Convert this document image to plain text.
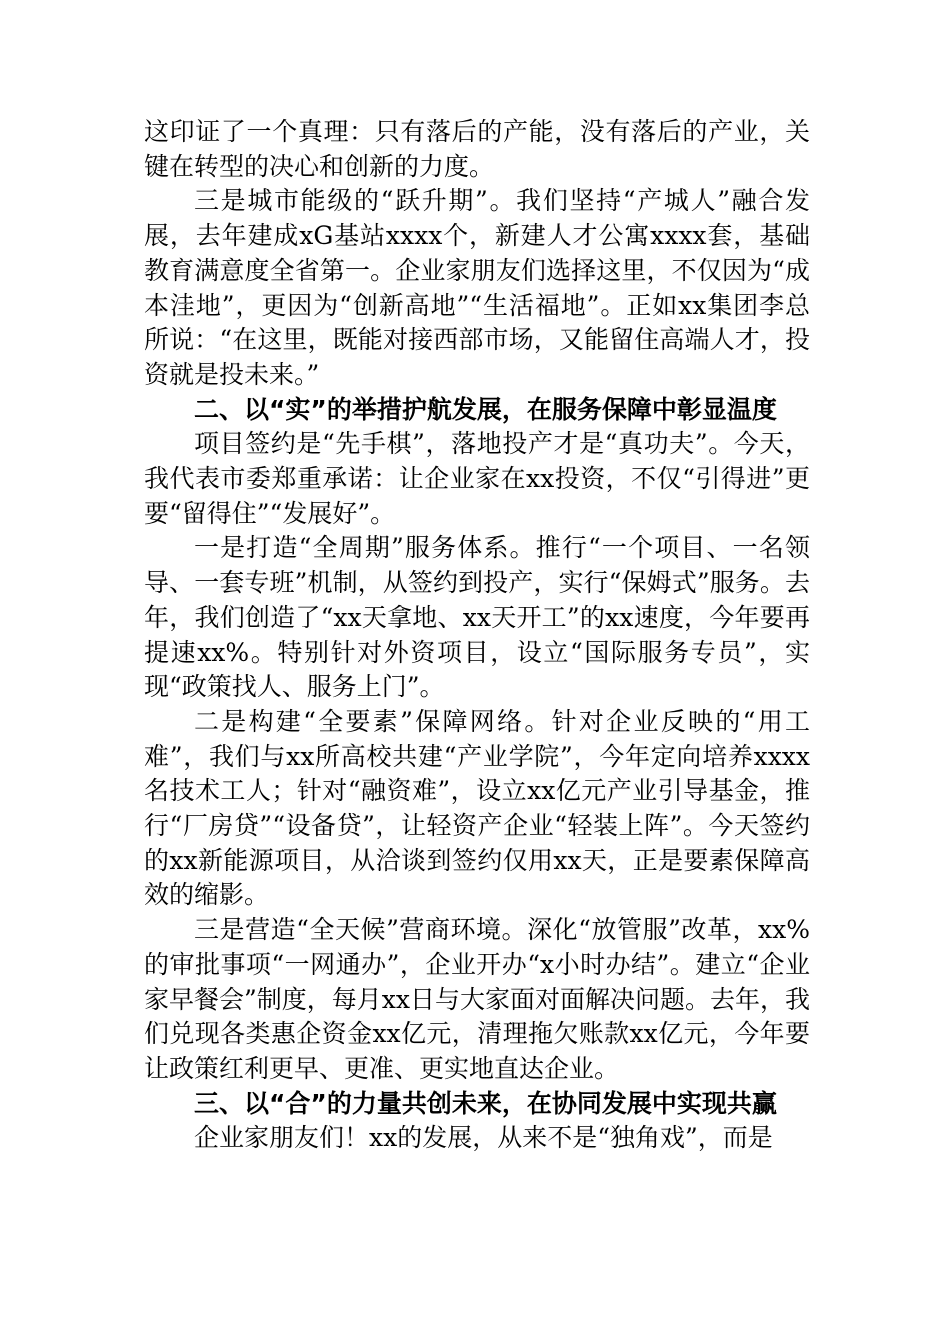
这印证了一个真理：只有落后的产能，没有落后的产业，关键在转型的决心和创新的力度。

三是城市能级的“跃升期”。我们坚持“产城人”融合发展，去年建成xG基站xxxx个，新建人才公寓xxxx套，基础教育满意度全省第一。企业家朋友们选择这里，不仅因为“成本洼地”，更因为“创新高地”“生活福地”。正如xx集团李总所说：“在这里，既能对接西部市场，又能留住高端人才，投资就是投未来。”

二、以“实”的举措护航发展，在服务保障中彰显温度

项目签约是“先手棋”，落地投产才是“真功夫”。今天，我代表市委郑重承诺：让企业家在xx投资，不仅“引得进”更要“留得住”“发展好”。

一是打造“全周期”服务体系。推行“一个项目、一名领导、一套专班”机制，从签约到投产，实行“保姆式”服务。去年，我们创造了“xx天拿地、xx天开工”的xx速度，今年要再提速xx%。特别针对外资项目，设立“国际服务专员”，实现“政策找人、服务上门”。

二是构建“全要素”保障网络。针对企业反映的“用工难”，我们与xx所高校共建“产业学院”，今年定向培养xxxx名技术工人；针对“融资难”，设立xx亿元产业引导基金，推行“厂房贷”“设备贷”，让轻资产企业“轻装上阵”。今天签约的xx新能源项目，从洽谈到签约仅用xx天，正是要素保障高效的缩影。

三是营造“全天候”营商环境。深化“放管服”改革，xx%的审批事项“一网通办”，企业开办“x小时办结”。建立“企业家早餐会”制度，每月xx日与大家面对面解决问题。去年，我们兑现各类惠企资金xx亿元，清理拖欠账款xx亿元，今年要让政策红利更早、更准、更实地直达企业。

三、以“合”的力量共创未来，在协同发展中实现共赢

企业家朋友们！xx的发展，从来不是“独角戏”，而是
